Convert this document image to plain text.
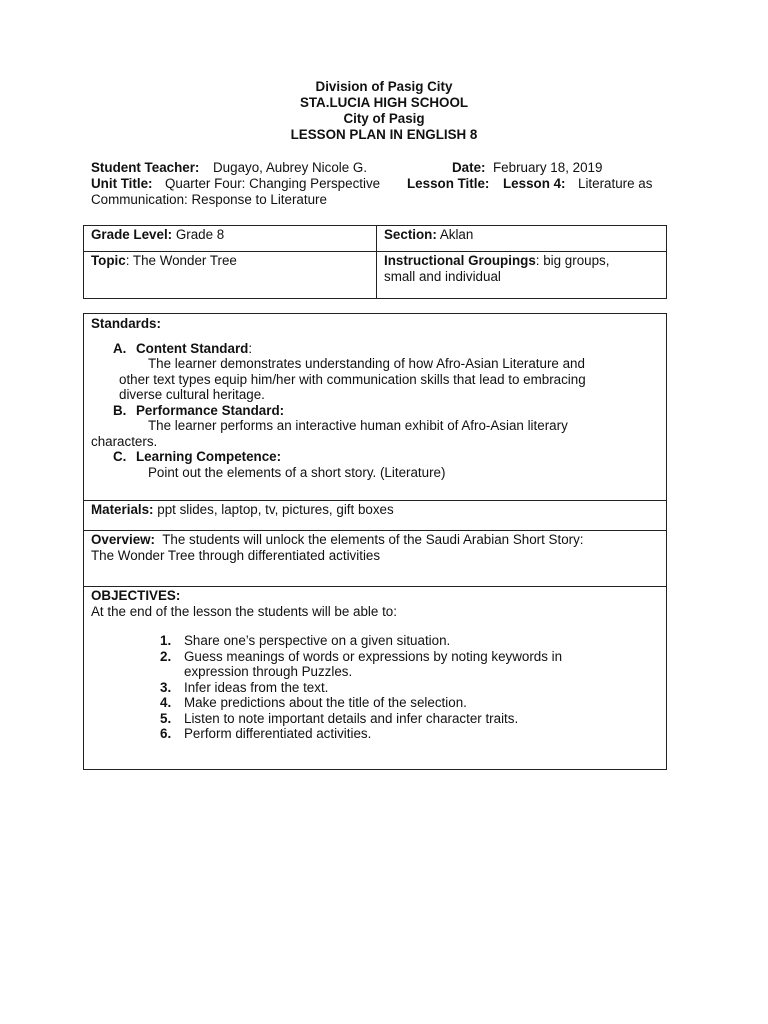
Division of Pasig City
STA.LUCIA HIGH SCHOOL
City of Pasig
LESSON PLAN IN ENGLISH 8
Student Teacher: Dugayo, Aubrey Nicole G.	Date: February 18, 2019
Unit Title: Quarter Four: Changing Perspective Lesson Title: Lesson 4: Literature as
Communication: Response to Literature
Grade Level: Grade 8	Section: Aklan
Topic: The Wonder Tree	Instructional Groupings: big groups,
small and individual
Standards:
A. Content Standard:
The learner demonstrates understanding of how Afro-Asian Literature and
other text types equip him/her with communication skills that lead to embracing
diverse cultural heritage.
B. Performance Standard:
The learner performs an interactive human exhibit of Afro-Asian literary
characters.
C. Learning Competence:
Point out the elements of a short story. (Literature)
Materials: ppt slides, laptop, tv, pictures, gift boxes
Overview: The students will unlock the elements of the Saudi Arabian Short Story:
The Wonder Tree through differentiated activities
OBJECTIVES:
At the end of the lesson the students will be able to:
1. Share one’s perspective on a given situation.
2. Guess meanings of words or expressions by noting keywords in
expression through Puzzles.
3. Infer ideas from the text.
4. Make predictions about the title of the selection.
5. Listen to note important details and infer character traits.
6. Perform differentiated activities.
